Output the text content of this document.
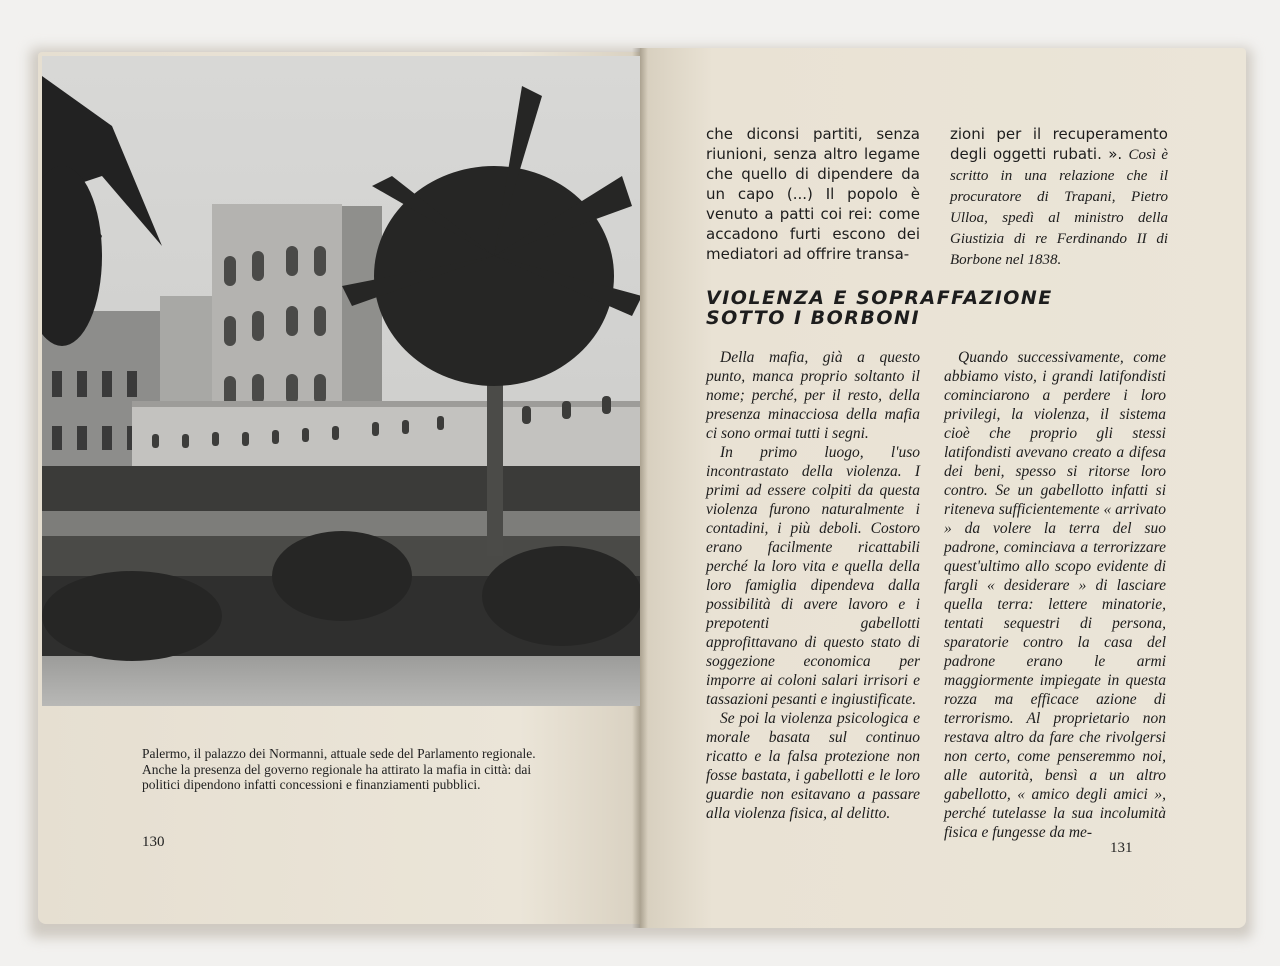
Palermo, il palazzo dei Normanni, attuale sede del Parlamento regionale. Anche la presenza del governo regionale ha attirato la mafia in città: dai politici dipendono infatti concessioni e finanziamenti pubblici.

130

che diconsi partiti, senza riunioni, senza altro legame che quello di dipendere da un capo (...) Il popolo è venuto a patti coi rei: come accadono furti escono dei mediatori ad offrire transa-

zioni per il recuperamento degli oggetti rubati. ». Così è scritto in una relazione che il procuratore di Trapani, Pietro Ulloa, spedì al ministro della Giustizia di re Ferdinando II di Borbone nel 1838.

VIOLENZA E SOPRAFFAZIONE
SOTTO I BORBONI

Della mafia, già a questo punto, manca proprio soltanto il nome; perché, per il resto, della presenza minacciosa della mafia ci sono ormai tutti i segni.

In primo luogo, l'uso incontrastato della violenza. I primi ad essere colpiti da questa violenza furono naturalmente i contadini, i più deboli. Costoro erano facilmente ricattabili perché la loro vita e quella della loro famiglia dipendeva dalla possibilità di avere lavoro e i prepotenti gabellotti approfittavano di questo stato di soggezione economica per imporre ai coloni salari irrisori e tassazioni pesanti e ingiustificate.

Se poi la violenza psicologica e morale basata sul continuo ricatto e la falsa protezione non fosse bastata, i gabellotti e le loro guardie non esitavano a passare alla violenza fisica, al delitto.

Quando successivamente, come abbiamo visto, i grandi latifondisti cominciarono a perdere i loro privilegi, la violenza, il sistema cioè che proprio gli stessi latifondisti avevano creato a difesa dei beni, spesso si ritorse loro contro. Se un gabellotto infatti si riteneva sufficientemente « arrivato » da volere la terra del suo padrone, cominciava a terrorizzare quest'ultimo allo scopo evidente di fargli « desiderare » di lasciare quella terra: lettere minatorie, tentati sequestri di persona, sparatorie contro la casa del padrone erano le armi maggiormente impiegate in questa rozza ma efficace azione di terrorismo. Al proprietario non restava altro da fare che rivolgersi non certo, come penseremmo noi, alle autorità, bensì a un altro gabellotto, « amico degli amici », perché tutelasse la sua incolumità fisica e fungesse da me-

131
